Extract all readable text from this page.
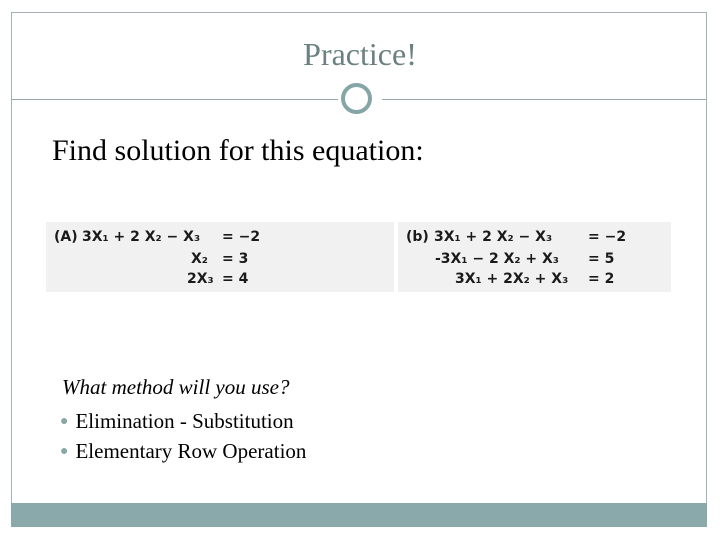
Practice!
Find solution for this equation:
(A) 3X₁ + 2 X₂ − X₃ = −2
X₂ = 3
2X₃ = 4
(b) 3X₁ + 2 X₂ − X₃	= −2
-3X₁ − 2 X₂ + X₃ = 5
3X₁ + 2X₂ + X₃ = 2
What method will you use?
● Elimination - Substitution
● Elementary Row Operation
